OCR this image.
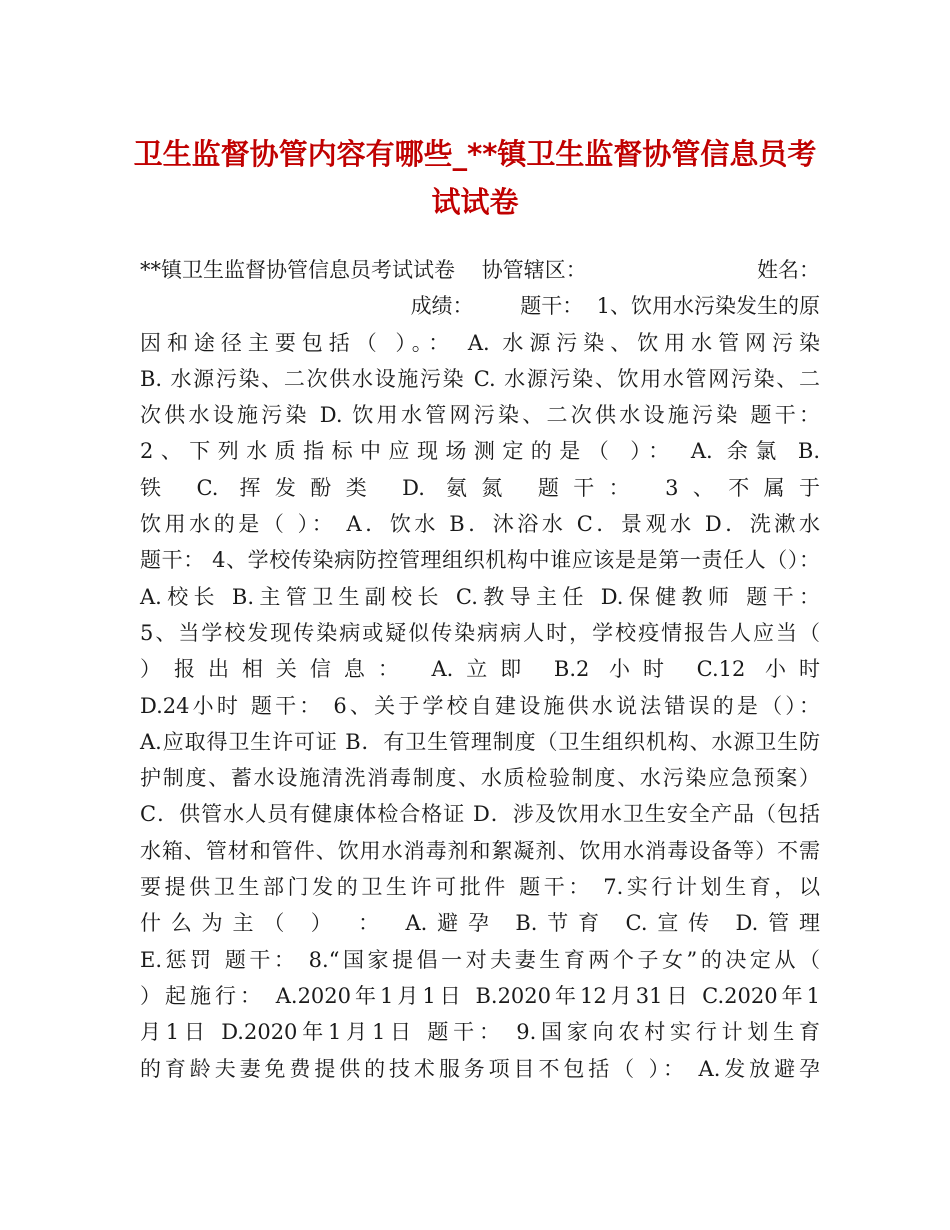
卫生监督协管内容有哪些_**镇卫生监督协管信息员考
试试卷
**镇卫生监督协管信息员考试试卷    协管辖区：	姓名：
成绩：       题干：  1、饮用水污染发生的原
因和途径主要包括（ ）。： A. 水源污染、饮用水管网污染
B. 水源污染、二次供水设施污染 C. 水源污染、饮用水管网污染、二
次供水设施污染 D. 饮用水管网污染、二次供水设施污染 题干：
2、下列水质指标中应现场测定的是（ ）： A. 余氯 B.
铁 C. 挥发酚类 D. 氨氮 题干： 3、不属于
饮用水的是（ ）： A．饮水 B．沐浴水 C．景观水 D．洗漱水
题干： 4、学校传染病防控管理组织机构中谁应该是是第一责任人（）：
A.校长 B.主管卫生副校长 C.教导主任 D.保健教师 题干：
5、当学校发现传染病或疑似传染病病人时，学校疫情报告人应当（
）报出相关信息： A.立即 B.2 小时 C.12 小时
D.24小时 题干： 6、关于学校自建设施供水说法错误的是（）：
A.应取得卫生许可证 B．有卫生管理制度（卫生组织机构、水源卫生防
护制度、蓄水设施清洗消毒制度、水质检验制度、水污染应急预案）
C．供管水人员有健康体检合格证 D．涉及饮用水卫生安全产品（包括
水箱、管材和管件、饮用水消毒剂和絮凝剂、饮用水消毒设备等）不需
要提供卫生部门发的卫生许可批件 题干： 7.实行计划生育，以
什么为主（ ） ： A.避孕 B.节育 C.宣传 D.管理
E.惩罚 题干： 8.“国家提倡一对夫妻生育两个子女”的决定从（
）起施行： A.2020年1月1日 B.2020年12月31日 C.2020年1
月1日 D.2020年1月1日 题干： 9.国家向农村实行计划生育
的育龄夫妻免费提供的技术服务项目不包括（ ）： A.发放避孕
